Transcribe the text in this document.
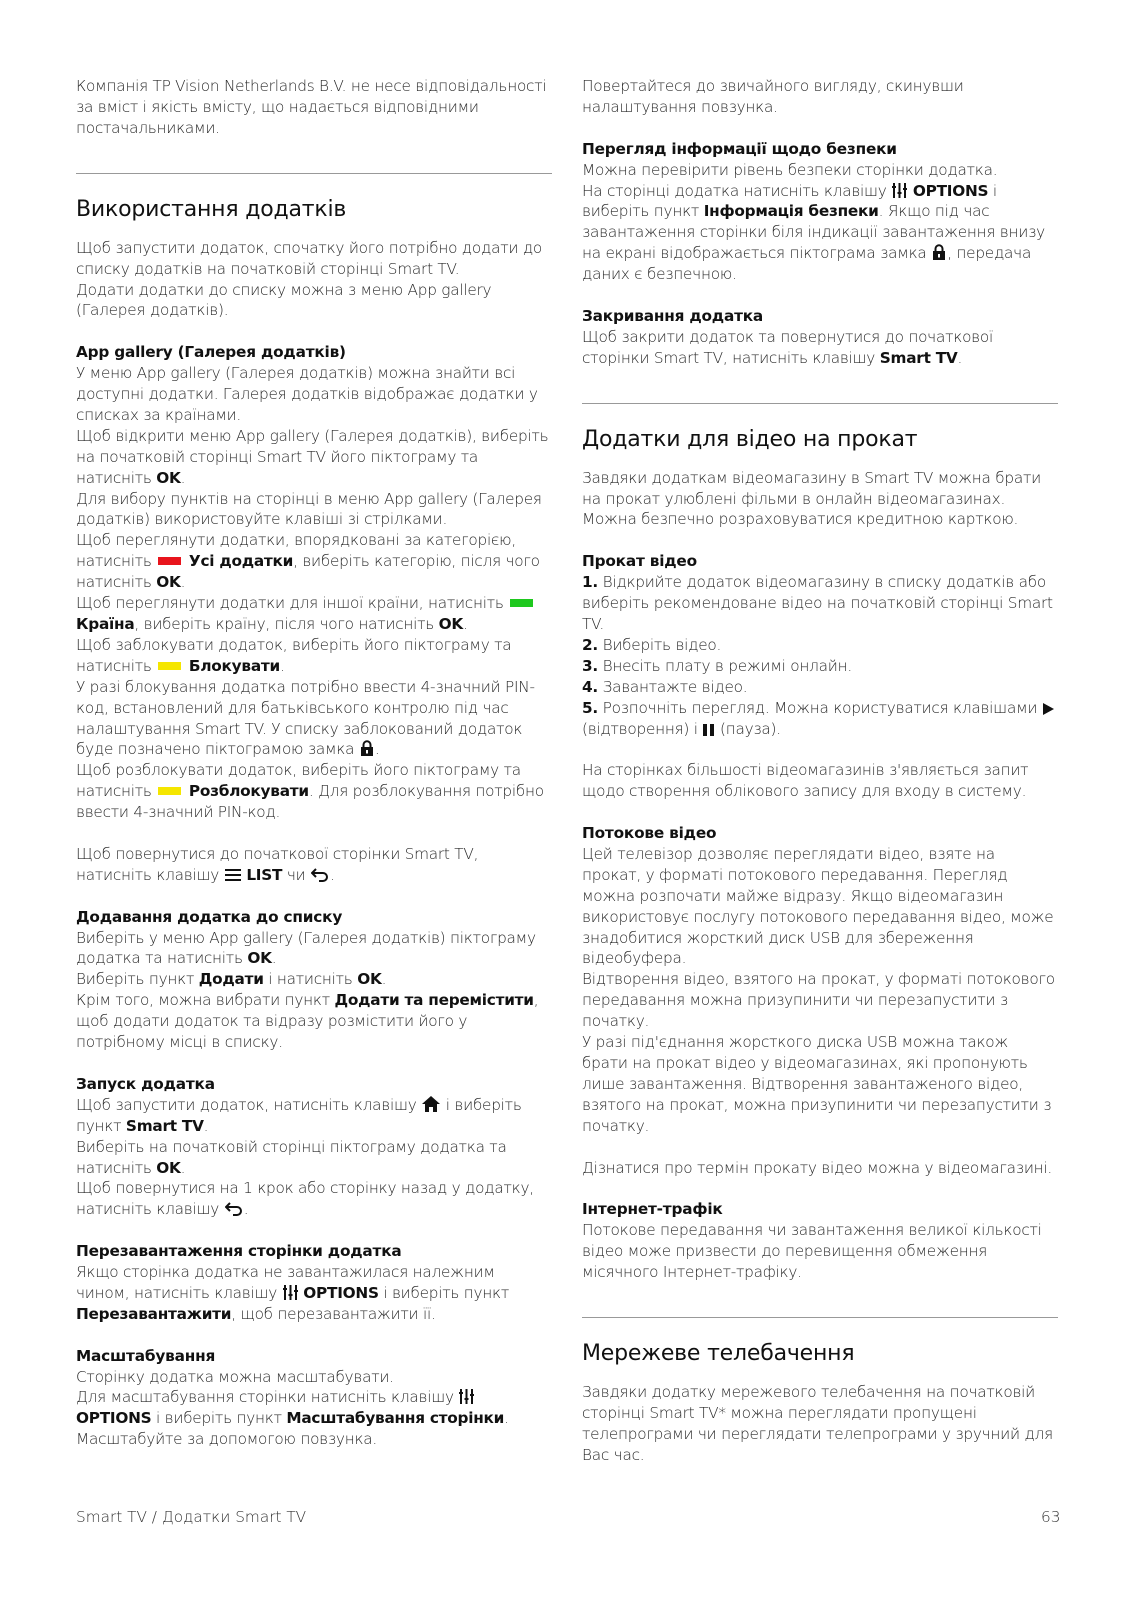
Компанія TP Vision Netherlands B.V. не несе відповідальності за вміст і якість вмісту, що надається відповідними постачальниками.

Використання додатків

Щоб запустити додаток, спочатку його потрібно додати до списку додатків на початковій сторінці Smart TV.

Додати додатки до списку можна з меню App gallery (Галерея додатків).

App gallery (Галерея додатків)

У меню App gallery (Галерея додатків) можна знайти всі доступні додатки. Галерея додатків відображає додатки у списках за країнами.

Щоб відкрити меню App gallery (Галерея додатків), виберіть на початковій сторінці Smart TV його піктограму та натисніть OK.

Для вибору пунктів на сторінці в меню App gallery (Галерея додатків) використовуйте клавіші зі стрілками.

Щоб переглянути додатки, впорядковані за категорією, натисніть Усі додатки, виберіть категорію, після чого натисніть OK.

Щоб переглянути додатки для іншої країни, натисніть  Країна, виберіть країну, після чого натисніть OK.

Щоб заблокувати додаток, виберіть його піктограму та натисніть Блокувати.

У разі блокування додатка потрібно ввести 4-значний PIN-код, встановлений для батьківського контролю під час налаштування Smart TV. У списку заблокований додаток буде позначено піктограмою замка .

Щоб розблокувати додаток, виберіть його піктограму та натисніть Розблокувати. Для розблокування потрібно ввести 4-значний PIN-код.

Щоб повернутися до початкової сторінки Smart TV, натисніть клавішу LIST чи .

Додавання додатка до списку

Виберіть у меню App gallery (Галерея додатків) піктограму додатка та натисніть OK.

Виберіть пункт Додати і натисніть OK.

Крім того, можна вибрати пункт Додати та перемістити, щоб додати додаток та відразу розмістити його у потрібному місці в списку.

Запуск додатка

Щоб запустити додаток, натисніть клавішу і виберіть пункт Smart TV.

Виберіть на початковій сторінці піктограму додатка та натисніть OK.

Щоб повернутися на 1 крок або сторінку назад у додатку, натисніть клавішу .

Перезавантаження сторінки додатка

Якщо сторінка додатка не завантажилася належним чином, натисніть клавішу OPTIONS і виберіть пункт Перезавантажити, щоб перезавантажити її.

Масштабування

Сторінку додатка можна масштабувати.

Для масштабування сторінки натисніть клавішу  OPTIONS і виберіть пункт Масштабування сторінки.

Масштабуйте за допомогою повзунка.

Повертайтеся до звичайного вигляду, скинувши налаштування повзунка.

Перегляд інформації щодо безпеки

Можна перевірити рівень безпеки сторінки додатка.

На сторінці додатка натисніть клавішу OPTIONS і виберіть пункт Інформація безпеки. Якщо під час завантаження сторінки біля індикації завантаження внизу на екрані відображається піктограма замка , передача даних є безпечною.

Закривання додатка

Щоб закрити додаток та повернутися до початкової сторінки Smart TV, натисніть клавішу Smart TV.

Додатки для відео на прокат

Завдяки додаткам відеомагазину в Smart TV можна брати на прокат улюблені фільми в онлайн відеомагазинах. Можна безпечно розраховуватися кредитною карткою.

Прокат відео

1. Відкрийте додаток відеомагазину в списку додатків або виберіть рекомендоване відео на початковій сторінці Smart TV.

2. Виберіть відео.

3. Внесіть плату в режимі онлайн.

4. Завантажте відео.

5. Розпочніть перегляд. Можна користуватися клавішами  (відтворення) і (пауза).

На сторінках більшості відеомагазинів з'являється запит щодо створення облікового запису для входу в систему.

Потокове відео

Цей телевізор дозволяє переглядати відео, взяте на прокат, у форматі потокового передавання. Перегляд можна розпочати майже відразу. Якщо відеомагазин використовує послугу потокового передавання відео, може знадобитися жорсткий диск USB для збереження відеобуфера.

Відтворення відео, взятого на прокат, у форматі потокового передавання можна призупинити чи перезапустити з початку.

У разі під'єднання жорсткого диска USB можна також брати на прокат відео у відеомагазинах, які пропонують лише завантаження. Відтворення завантаженого відео, взятого на прокат, можна призупинити чи перезапустити з початку.

Дізнатися про термін прокату відео можна у відеомагазині.

Інтернет-трафік

Потокове передавання чи завантаження великої кількості відео може призвести до перевищення обмеження місячного Інтернет-трафіку.

Мережеве телебачення

Завдяки додатку мережевого телебачення на початковій сторінці Smart TV* можна переглядати пропущені телепрограми чи переглядати телепрограми у зручний для Вас час.

Smart TV / Додатки Smart TV	63
